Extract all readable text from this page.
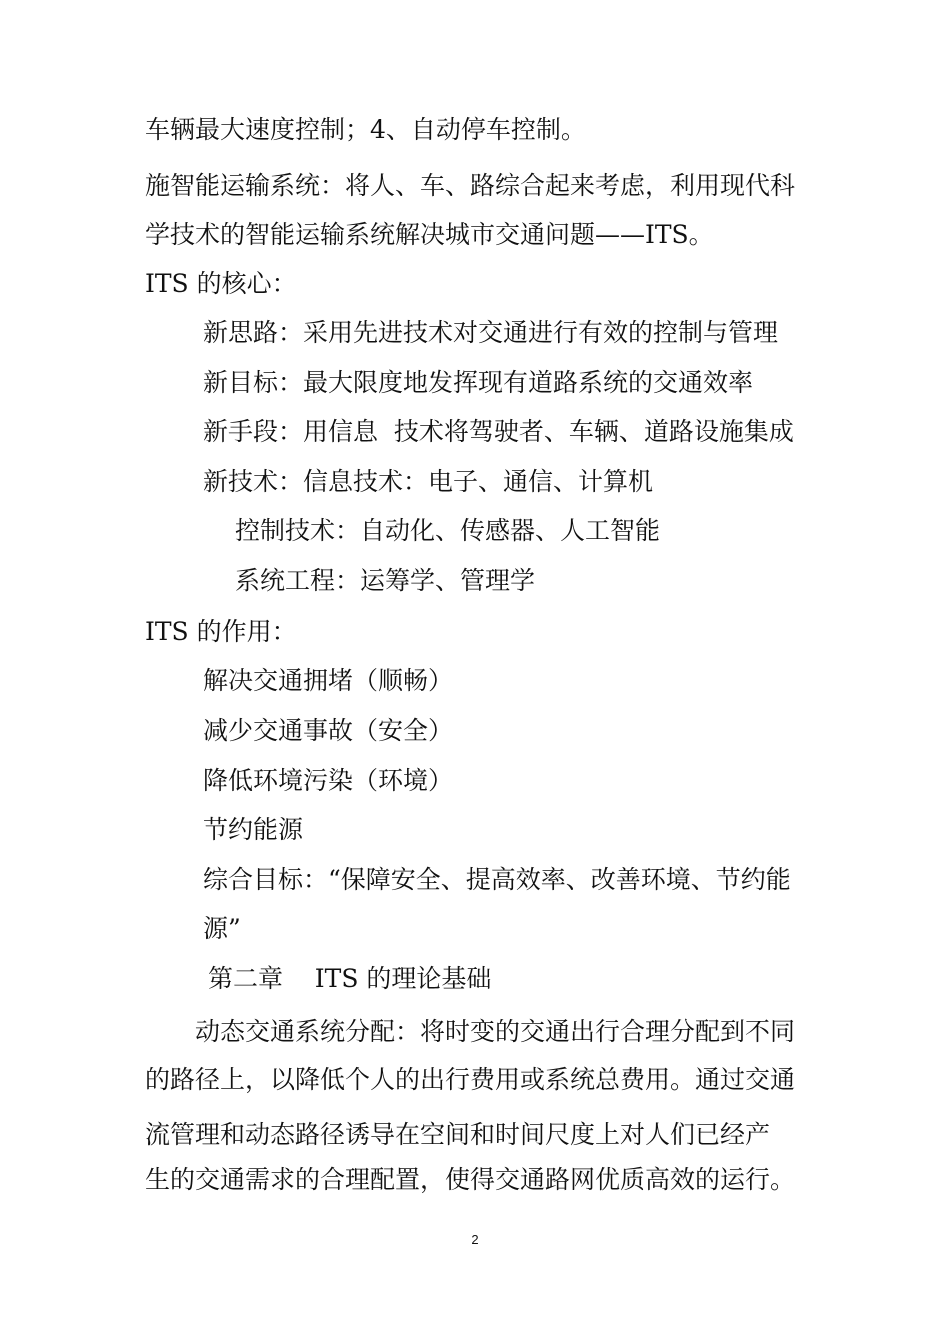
车辆最大速度控制；4、自动停车控制。
施智能运输系统：将人、车、路综合起来考虑，利用现代科
学技术的智能运输系统解决城市交通问题——ITS。
ITS 的核心：
新思路：采用先进技术对交通进行有效的控制与管理
新目标：最大限度地发挥现有道路系统的交通效率
新手段：用信息  技术将驾驶者、车辆、道路设施集成
新技术：信息技术：电子、通信、计算机
控制技术：自动化、传感器、人工智能
系统工程：运筹学、管理学
ITS 的作用：
解决交通拥堵（顺畅）
减少交通事故（安全）
降低环境污染（环境）
节约能源
综合目标：“保障安全、提高效率、改善环境、节约能
源”
第二章    ITS 的理论基础
动态交通系统分配：将时变的交通出行合理分配到不同
的路径上，以降低个人的出行费用或系统总费用。通过交通
流管理和动态路径诱导在空间和时间尺度上对人们已经产
生的交通需求的合理配置，使得交通路网优质高效的运行。
2
